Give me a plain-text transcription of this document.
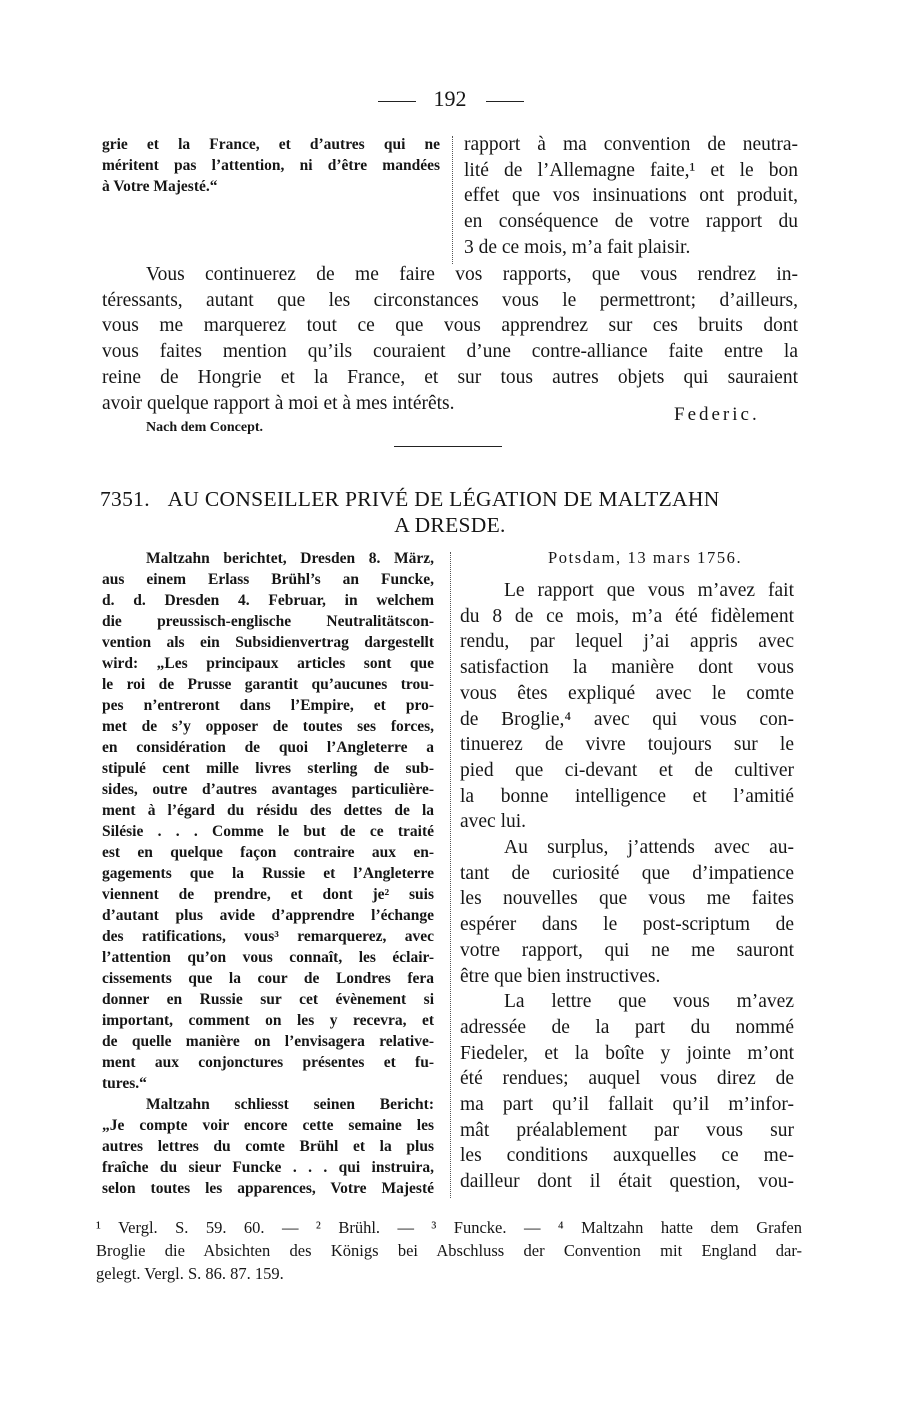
192

grie et la France, et d’autres qui ne

méritent pas l’attention, ni d’être mandées

à Votre Majesté.“

rapport à ma convention de neutra-

lité de l’Allemagne faite,¹ et le bon

effet que vos insinuations ont produit,

en conséquence de votre rapport du

3 de ce mois, m’a fait plaisir.

Vous continuerez de me faire vos rapports, que vous rendrez in-

téressants, autant que les circonstances vous le permettront; d’ailleurs,

vous me marquerez tout ce que vous apprendrez sur ces bruits dont

vous faites mention qu’ils couraient d’une contre-alliance faite entre la

reine de Hongrie et la France, et sur tous autres objets qui sauraient

avoir quelque rapport à moi et à mes intérêts.

Federic.
Nach dem Concept.
7351. AU CONSEILLER PRIVÉ DE LÉGATION DE MALTZAHN
A DRESDE.

Maltzahn berichtet, Dresden 8. März,

aus einem Erlass Brühl’s an Funcke,

d. d. Dresden 4. Februar, in welchem

die preussisch-englische Neutralitätscon-

vention als ein Subsidienvertrag dargestellt

wird: „Les principaux articles sont que

le roi de Prusse garantit qu’aucunes trou-

pes n’entreront dans l’Empire, et pro-

met de s’y opposer de toutes ses forces,

en considération de quoi l’Angleterre a

stipulé cent mille livres sterling de sub-

sides, outre d’autres avantages particulière-

ment à l’égard du résidu des dettes de la

Silésie . . . Comme le but de ce traité

est en quelque façon contraire aux en-

gagements que la Russie et l’Angleterre

viennent de prendre, et dont je² suis

d’autant plus avide d’apprendre l’échange

des ratifications, vous³ remarquerez, avec

l’attention qu’on vous connaît, les éclair-

cissements que la cour de Londres fera

donner en Russie sur cet évènement si

important, comment on les y recevra, et

de quelle manière on l’envisagera relative-

ment aux conjonctures présentes et fu-

tures.“

Maltzahn schliesst seinen Bericht:

„Je compte voir encore cette semaine les

autres lettres du comte Brühl et la plus

fraîche du sieur Funcke . . . qui instruira,

selon toutes les apparences, Votre Majesté

Potsdam, 13 mars 1756.

Le rapport que vous m’avez fait

du 8 de ce mois, m’a été fidèlement

rendu, par lequel j’ai appris avec

satisfaction la manière dont vous

vous êtes expliqué avec le comte

de Broglie,⁴ avec qui vous con-

tinuerez de vivre toujours sur le

pied que ci-devant et de cultiver

la bonne intelligence et l’amitié

avec lui.

Au surplus, j’attends avec au-

tant de curiosité que d’impatience

les nouvelles que vous me faites

espérer dans le post-scriptum de

votre rapport, qui ne me sauront

être que bien instructives.

La lettre que vous m’avez

adressée de la part du nommé

Fiedeler, et la boîte y jointe m’ont

été rendues; auquel vous direz de

ma part qu’il fallait qu’il m’infor-

mât préalablement par vous sur

les conditions auxquelles ce me-

dailleur dont il était question, vou-

¹ Vergl. S. 59. 60. — ² Brühl. — ³ Funcke. — ⁴ Maltzahn hatte dem Grafen

Broglie die Absichten des Königs bei Abschluss der Convention mit England dar-

gelegt. Vergl. S. 86. 87. 159.
